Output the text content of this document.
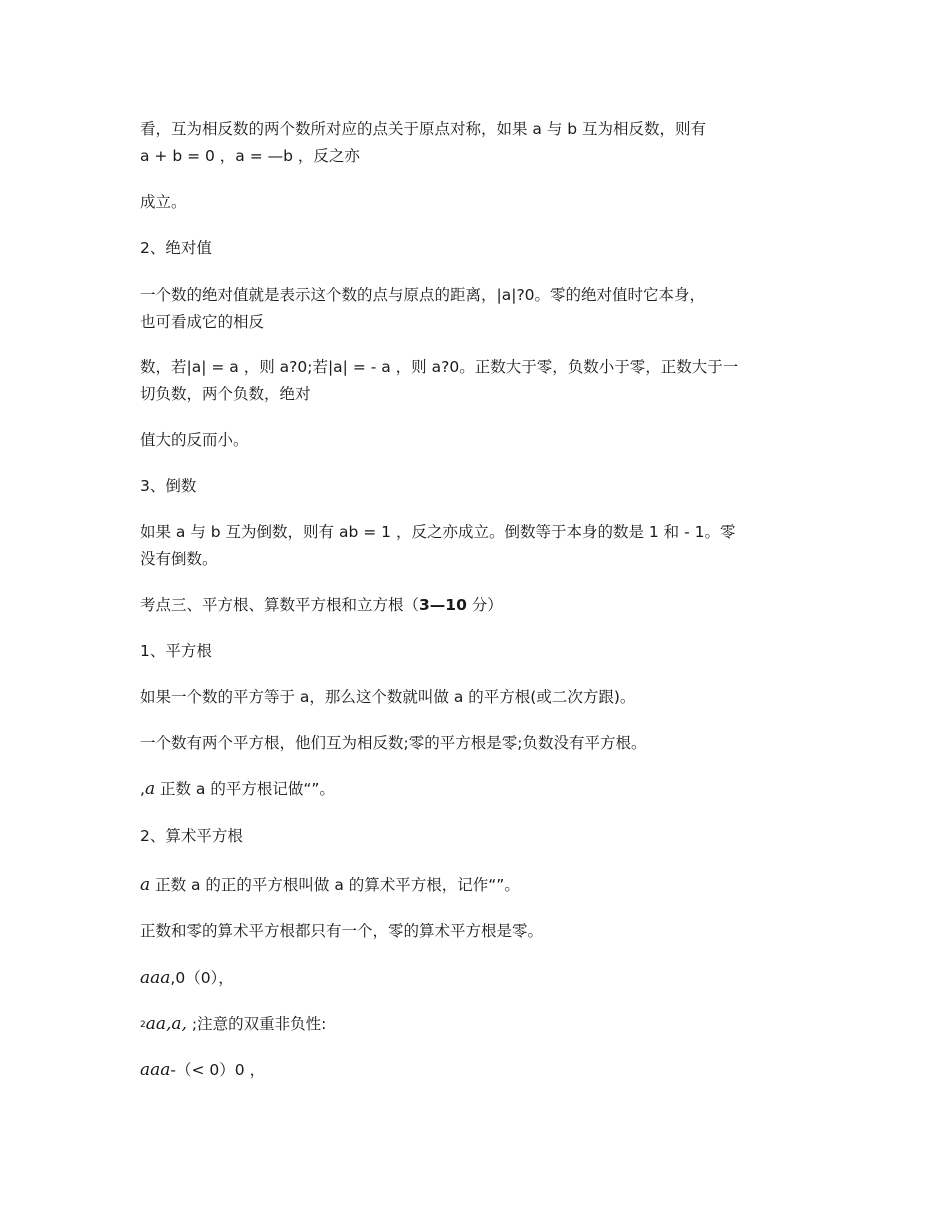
看，互为相反数的两个数所对应的点关于原点对称，如果 a 与 b 互为相反数，则有
a + b = 0 ，a = —b ，反之亦
成立。
2、绝对值
一个数的绝对值就是表示这个数的点与原点的距离，|a|?0。零的绝对值时它本身，
也可看成它的相反
数，若|a| = a ，则 a?0;若|a| = - a ，则 a?0。正数大于零，负数小于零，正数大于一
切负数，两个负数，绝对
值大的反而小。
3、倒数
如果 a 与 b 互为倒数，则有 ab = 1 ，反之亦成立。倒数等于本身的数是 1 和 - 1。零
没有倒数。
考点三、平方根、算数平方根和立方根（3—10 分）
1、平方根
如果一个数的平方等于 a，那么这个数就叫做 a 的平方根(或二次方跟)。
一个数有两个平方根，他们互为相反数;零的平方根是零;负数没有平方根。
,a 正数 a 的平方根记做“”。
2、算术平方根
a 正数 a 的正的平方根叫做 a 的算术平方根，记作“”。
正数和零的算术平方根都只有一个，零的算术平方根是零。
aaa,0（0），
$^2$aa,a, ;注意的双重非负性:
aaa-（< 0）0 ，
